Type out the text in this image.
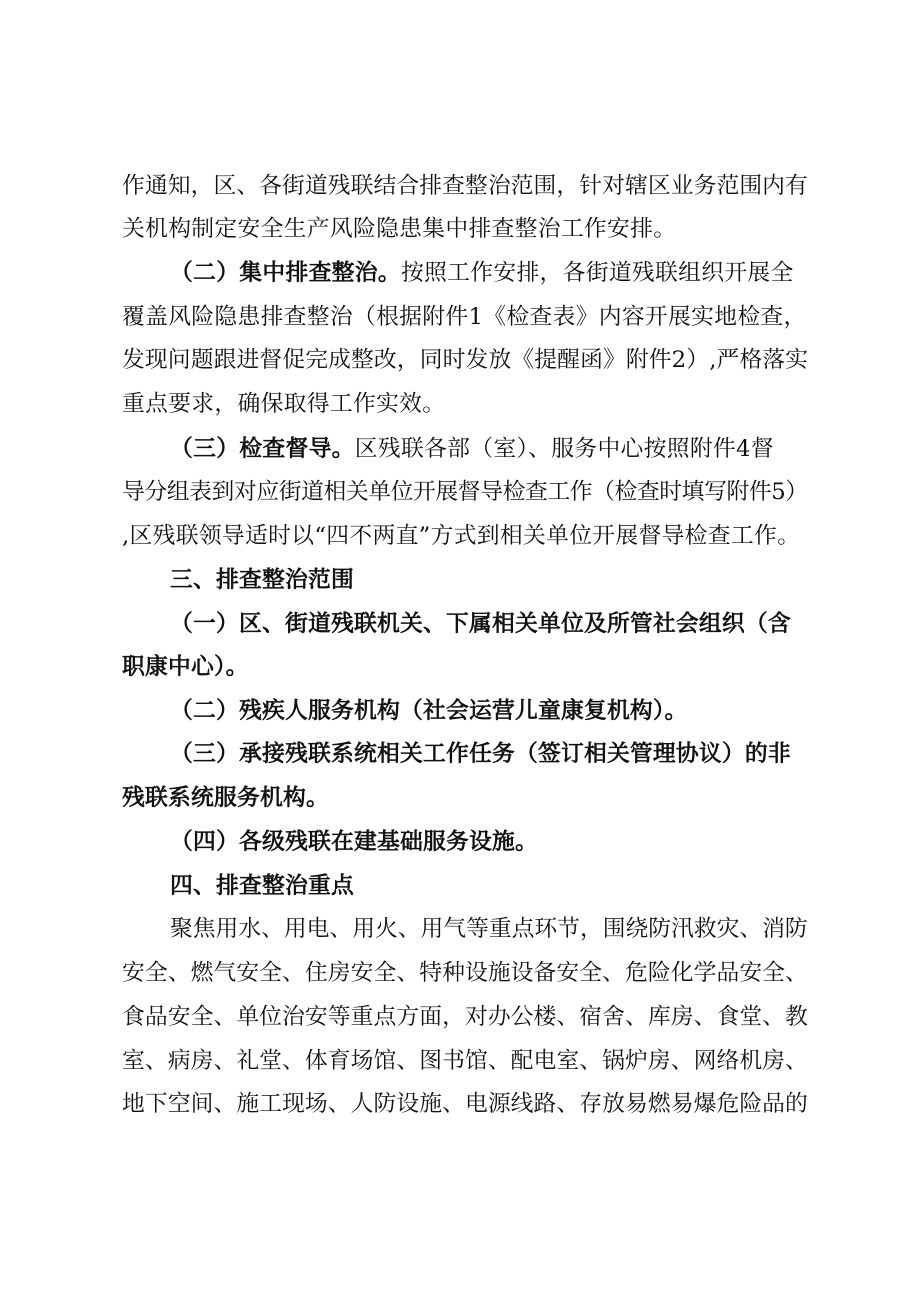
作通知，区、各街道残联结合排查整治范围，针对辖区业务范围内有
关机构制定安全生产风险隐患集中排查整治工作安排。
（二）集中排查整治。按照工作安排，各街道残联组织开展全
覆盖风险隐患排查整治（根据附件1《检查表》内容开展实地检查，
发现问题跟进督促完成整改，同时发放《提醒函》附件2）,严格落实
重点要求，确保取得工作实效。
（三）检查督导。区残联各部（室）、服务中心按照附件4督
导分组表到对应街道相关单位开展督导检查工作（检查时填写附件5）
,区残联领导适时以“四不两直”方式到相关单位开展督导检查工作。
三、排查整治范围
（一）区、街道残联机关、下属相关单位及所管社会组织（含
职康中心）。
（二）残疾人服务机构（社会运营儿童康复机构）。
（三）承接残联系统相关工作任务（签订相关管理协议）的非
残联系统服务机构。
（四）各级残联在建基础服务设施。
四、排查整治重点
聚焦用水、用电、用火、用气等重点环节，围绕防汛救灾、消防
安全、燃气安全、住房安全、特种设施设备安全、危险化学品安全、
食品安全、单位治安等重点方面，对办公楼、宿舍、库房、食堂、教
室、病房、礼堂、体育场馆、图书馆、配电室、锅炉房、网络机房、
地下空间、施工现场、人防设施、电源线路、存放易燃易爆危险品的
